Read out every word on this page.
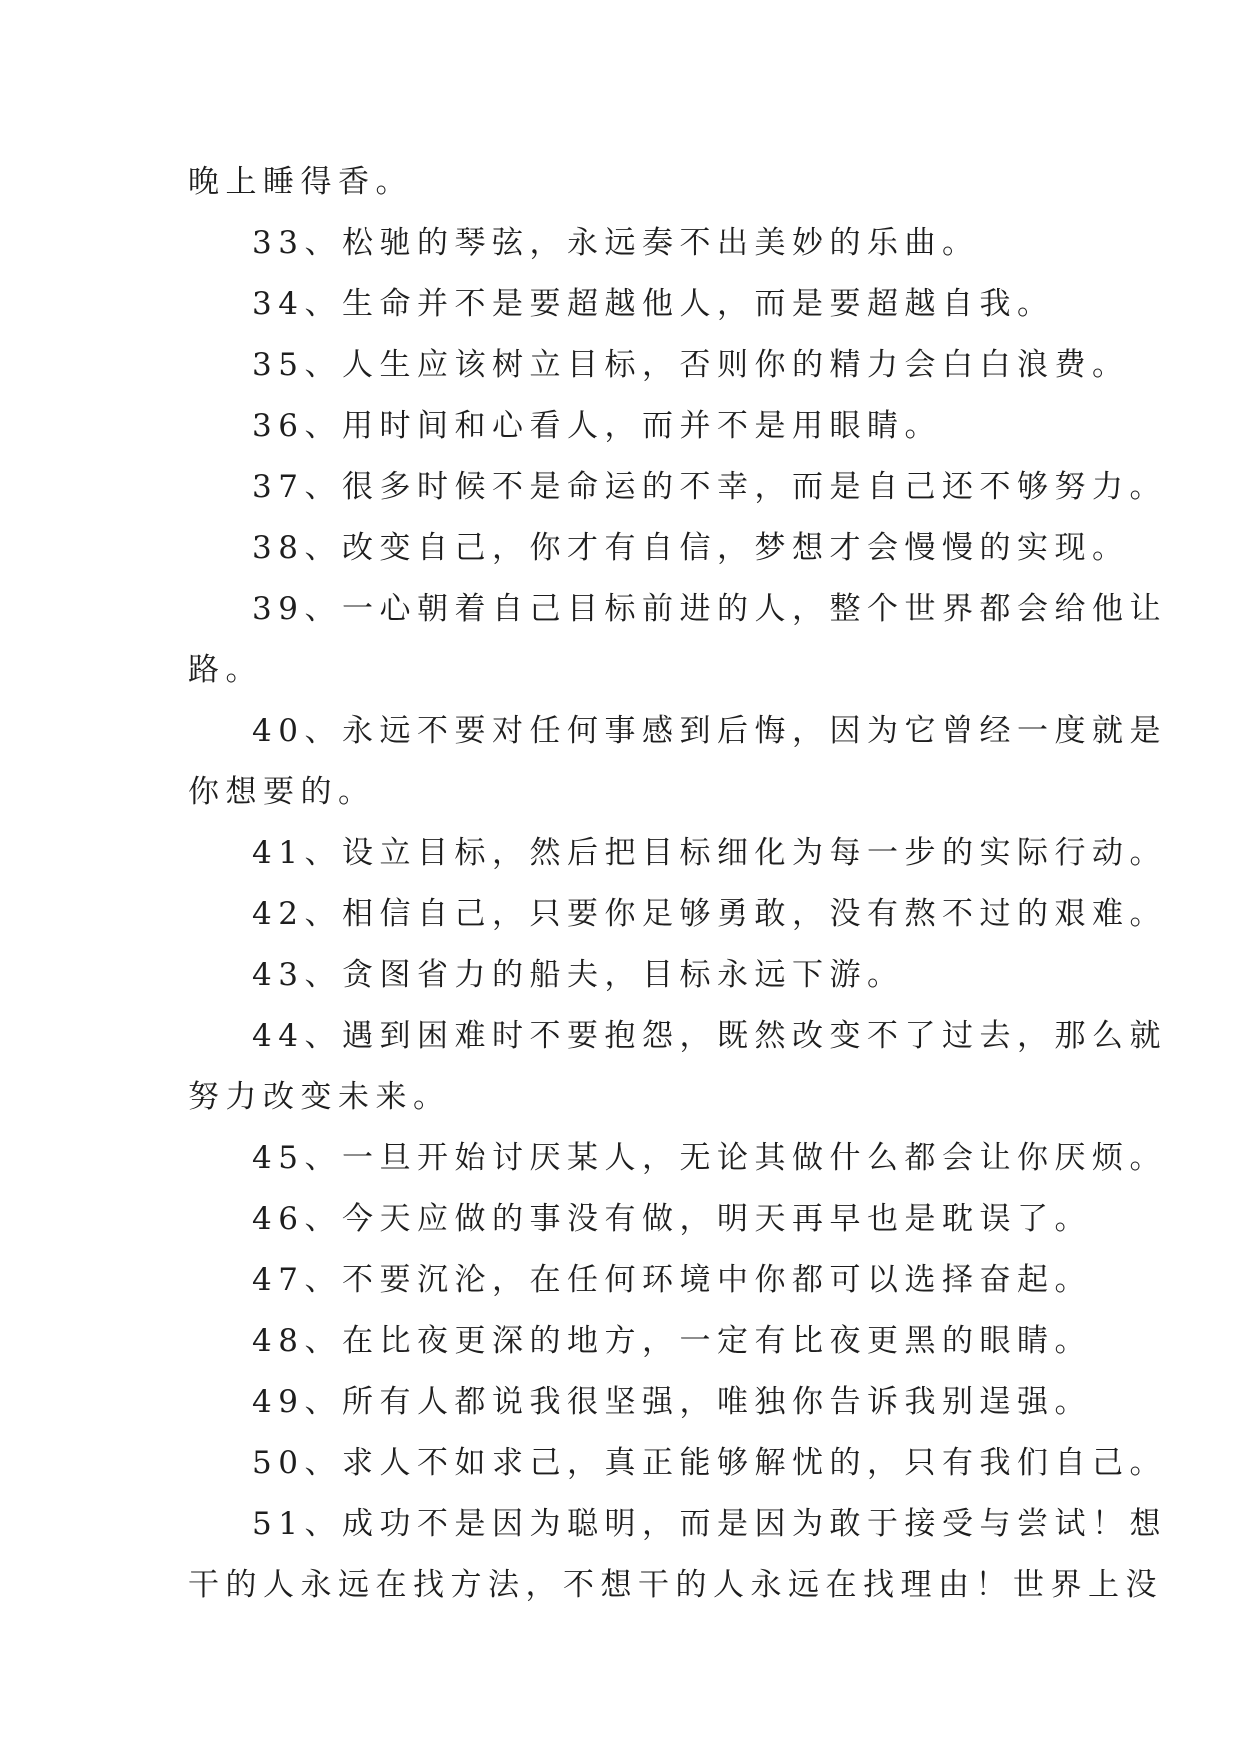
晚上睡得香。
33、松驰的琴弦，永远奏不出美妙的乐曲。
34、生命并不是要超越他人，而是要超越自我。
35、人生应该树立目标，否则你的精力会白白浪费。
36、用时间和心看人，而并不是用眼睛。
37、很多时候不是命运的不幸，而是自己还不够努力。
38、改变自己，你才有自信，梦想才会慢慢的实现。
39、一心朝着自己目标前进的人，整个世界都会给他让
路。
40、永远不要对任何事感到后悔，因为它曾经一度就是
你想要的。
41、设立目标，然后把目标细化为每一步的实际行动。
42、相信自己，只要你足够勇敢，没有熬不过的艰难。
43、贪图省力的船夫，目标永远下游。
44、遇到困难时不要抱怨，既然改变不了过去，那么就
努力改变未来。
45、一旦开始讨厌某人，无论其做什么都会让你厌烦。
46、今天应做的事没有做，明天再早也是耽误了。
47、不要沉沦，在任何环境中你都可以选择奋起。
48、在比夜更深的地方，一定有比夜更黑的眼睛。
49、所有人都说我很坚强，唯独你告诉我别逞强。
50、求人不如求己，真正能够解忧的，只有我们自己。
51、成功不是因为聪明，而是因为敢于接受与尝试！想
干的人永远在找方法，不想干的人永远在找理由！世界上没
